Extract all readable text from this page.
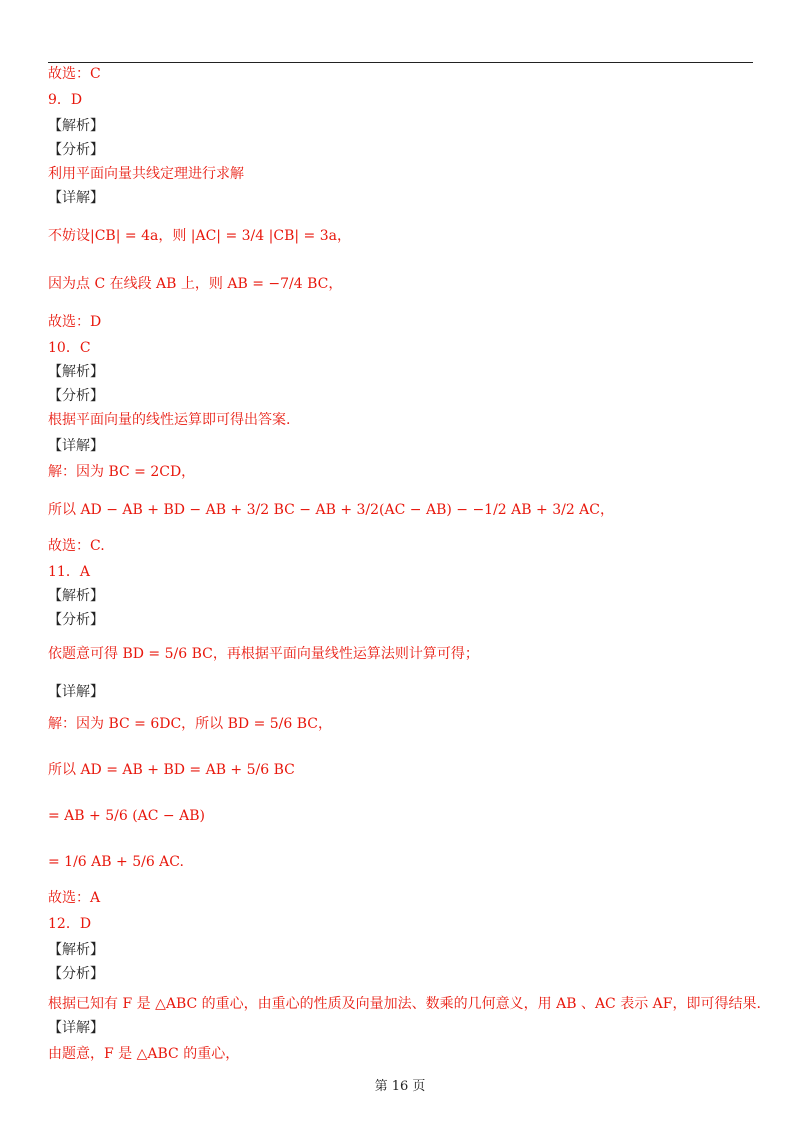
故选：C
9．D
【解析】
【分析】
利用平面向量共线定理进行求解
【详解】
不妨设|CB| = 4a，则 |AC| = 3/4 |CB| = 3a，
因为点 C 在线段 AB 上，则 AB = −7/4 BC，
故选：D
10．C
【解析】
【分析】
根据平面向量的线性运算即可得出答案.
【详解】
解：因为 BC = 2CD，
所以 AD − AB + BD − AB + 3/2 BC − AB + 3/2(AC − AB) − −1/2 AB + 3/2 AC，
故选：C.
11．A
【解析】
【分析】
依题意可得 BD = 5/6 BC，再根据平面向量线性运算法则计算可得；
【详解】
解：因为 BC = 6DC，所以 BD = 5/6 BC，
所以 AD = AB + BD = AB + 5/6 BC
= AB + 5/6 (AC − AB)
= 1/6 AB + 5/6 AC.
故选：A
12．D
【解析】
【分析】
根据已知有 F 是 △ABC 的重心，由重心的性质及向量加法、数乘的几何意义，用 AB 、AC 表示 AF，即可得结果.
【详解】
由题意，F 是 △ABC 的重心，
第 16 页
